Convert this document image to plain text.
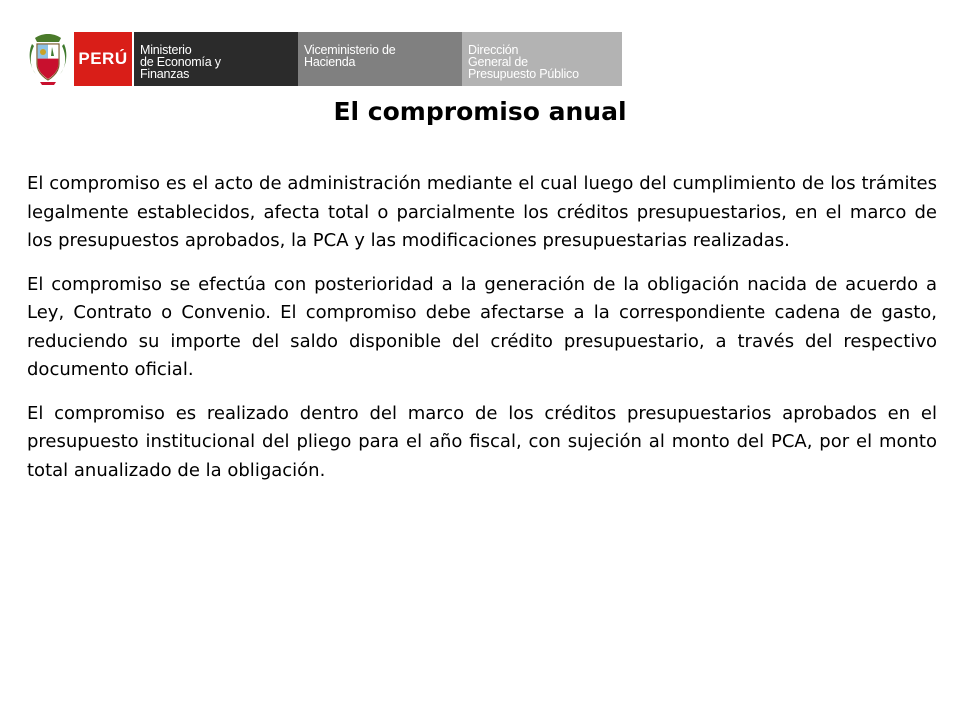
PERÚ Ministerio
de Economía y
Finanzas
Viceministerio de
Hacienda
Dirección
General de
Presupuesto Público
El compromiso anual

El compromiso es el acto de administración mediante el cual luego del cumplimiento de los trámites legalmente establecidos, afecta total o parcialmente los créditos presupuestarios, en el marco de los presupuestos aprobados, la PCA y las modificaciones presupuestarias realizadas.

El compromiso se efectúa con posterioridad a la generación de la obligación nacida de acuerdo a Ley, Contrato o Convenio. El compromiso debe afectarse a la correspondiente cadena de gasto, reduciendo su importe del saldo disponible del crédito presupuestario, a través del respectivo documento oficial.

El compromiso es realizado dentro del marco de los créditos presupuestarios aprobados en el presupuesto institucional del pliego para el año fiscal, con sujeción al monto del PCA, por el monto total anualizado de la obligación.
